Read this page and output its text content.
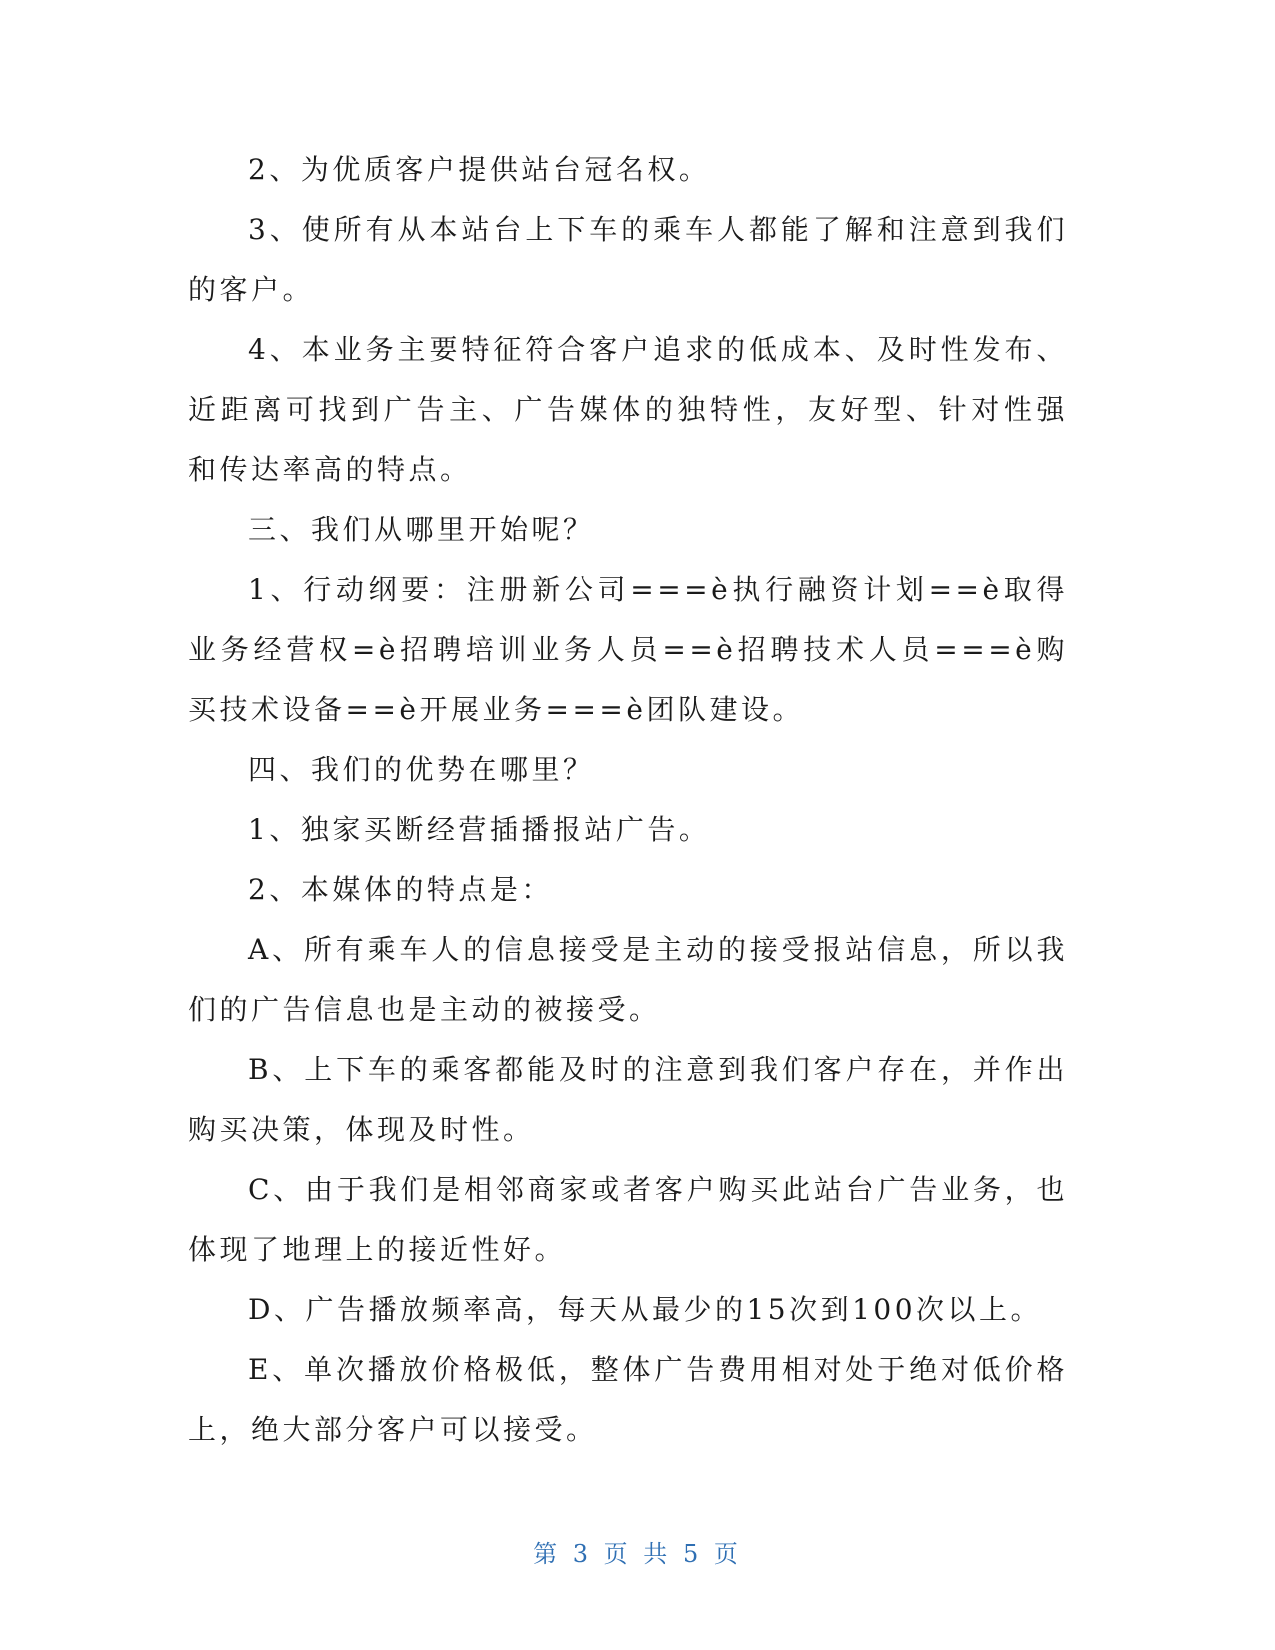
2、为优质客户提供站台冠名权。

3、使所有从本站台上下车的乘车人都能了解和注意到我们的客户。

4、本业务主要特征符合客户追求的低成本、及时性发布、近距离可找到广告主、广告媒体的独特性，友好型、针对性强和传达率高的特点。

三、我们从哪里开始呢？

1、行动纲要：注册新公司===è执行融资计划==è取得业务经营权=è招聘培训业务人员==è招聘技术人员===è购买技术设备==è开展业务===è团队建设。

四、我们的优势在哪里？

1、独家买断经营插播报站广告。

2、本媒体的特点是：

A、所有乘车人的信息接受是主动的接受报站信息，所以我们的广告信息也是主动的被接受。

B、上下车的乘客都能及时的注意到我们客户存在，并作出购买决策，体现及时性。

C、由于我们是相邻商家或者客户购买此站台广告业务，也体现了地理上的接近性好。

D、广告播放频率高，每天从最少的15次到100次以上。

E、单次播放价格极低，整体广告费用相对处于绝对低价格上，绝大部分客户可以接受。

第 3 页 共 5 页
